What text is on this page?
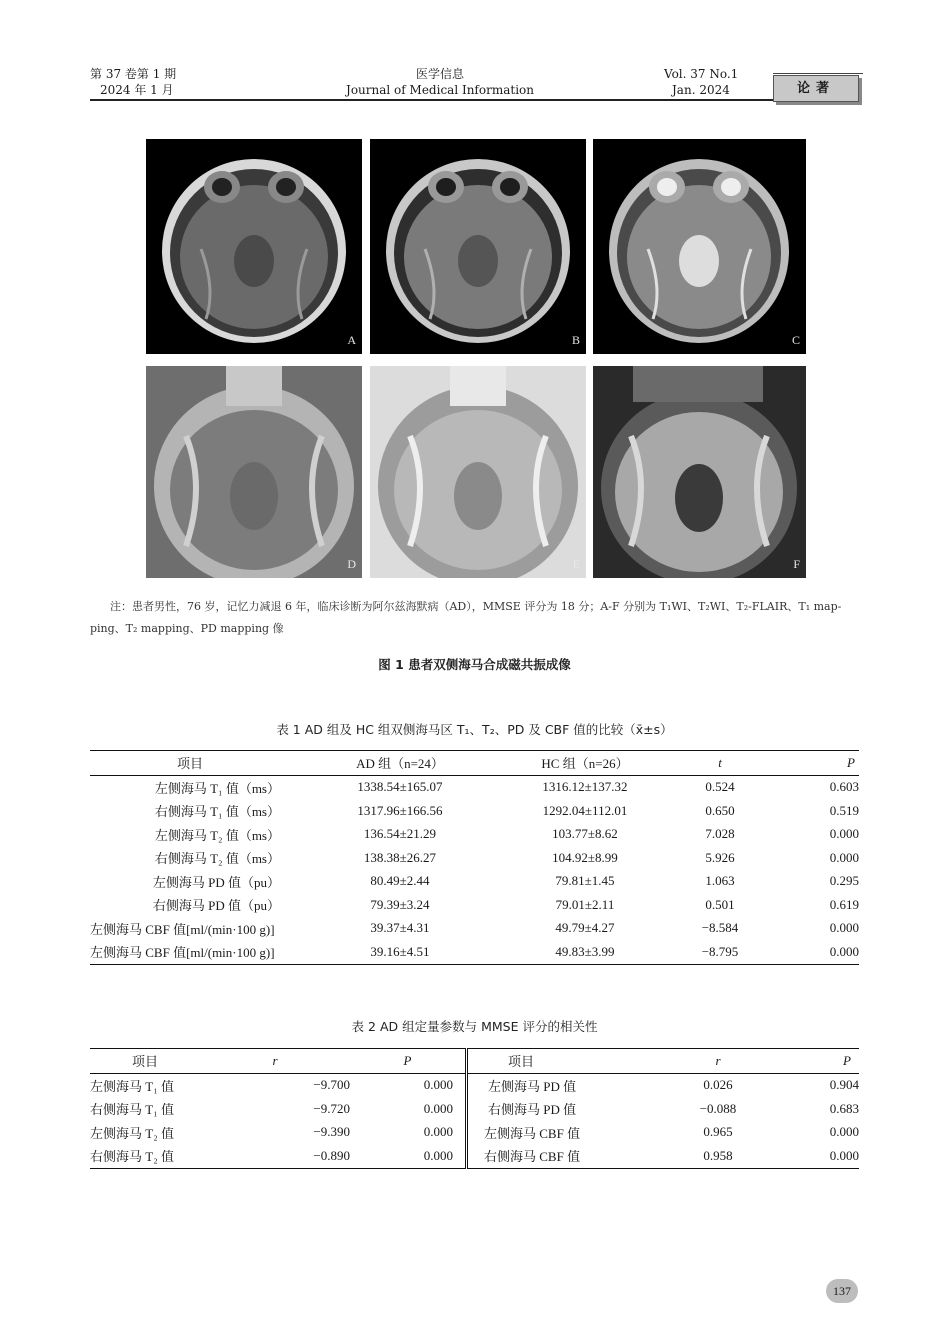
第 37 卷第 1 期
2024 年 1 月
医学信息
Journal of Medical Information
Vol. 37 No.1
Jan. 2024	论著
A	B	C
D	E	F
注：患者男性，76 岁，记忆力减退 6 年，临床诊断为阿尔兹海默病（AD），MMSE 评分为 18 分；A-F 分别为 T₁WI、T₂WI、T₂-FLAIR、T₁ map-
ping、T₂ mapping、PD mapping 像
图 1 患者双侧海马合成磁共振成像
表 1 AD 组及 HC 组双侧海马区 T₁、T₂、PD 及 CBF 值的比较（x̄±s）
项目	AD 组（n=24）	HC 组（n=26）	t	P
左侧海马 T₁ 值（ms）	1338.54±165.07	1316.12±137.32	0.524	0.603
右侧海马 T₁ 值（ms）	1317.96±166.56	1292.04±112.01	0.650	0.519
左侧海马 T₂ 值（ms）	136.54±21.29	103.77±8.62	7.028	0.000
右侧海马 T₂ 值（ms）	138.38±26.27	104.92±8.99	5.926	0.000
左侧海马 PD 值（pu）	80.49±2.44	79.81±1.45	1.063	0.295
右侧海马 PD 值（pu）	79.39±3.24	79.01±2.11	0.501	0.619
左侧海马 CBF 值[ml/(min·100 g)]	39.37±4.31	49.79±4.27	−8.584	0.000
左侧海马 CBF 值[ml/(min·100 g)]	39.16±4.51	49.83±3.99	−8.795	0.000
表 2 AD 组定量参数与 MMSE 评分的相关性
项目	r	P	项目	r	P
左侧海马 T₁ 值	−9.700	0.000	左侧海马 PD 值	0.026	0.904
右侧海马 T₁ 值	−9.720	0.000	右侧海马 PD 值	−0.088	0.683
左侧海马 T₂ 值	−9.390	0.000	左侧海马 CBF 值	0.965	0.000
右侧海马 T₂ 值	−0.890	0.000	右侧海马 CBF 值	0.958	0.000
137
